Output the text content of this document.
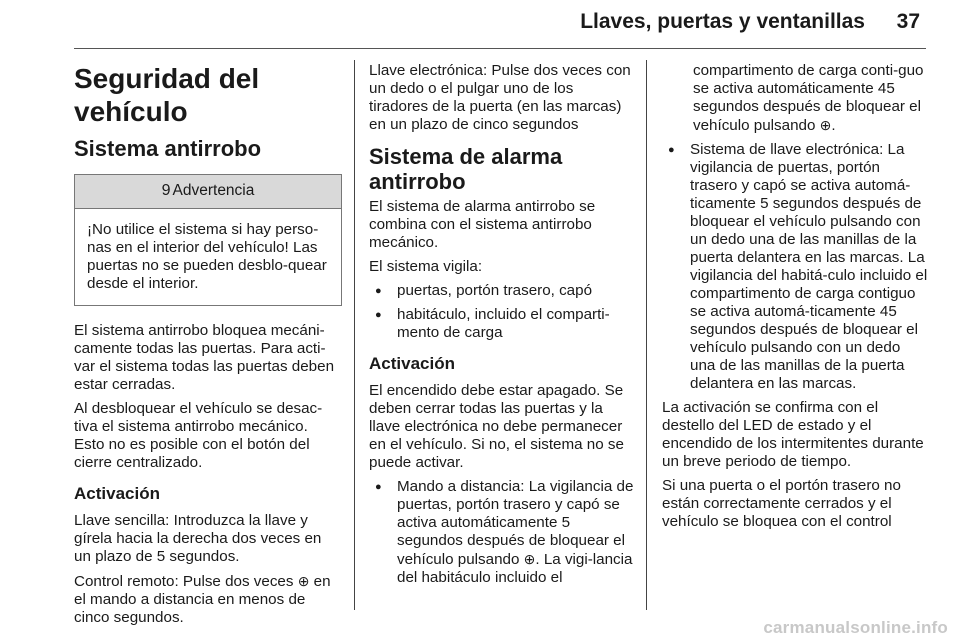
Llaves, puertas y ventanillas 37
Seguridad del vehículo
Sistema antirrobo
9 Advertencia
¡No utilice el sistema si hay perso-nas en el interior del vehículo! Las puertas no se pueden desblo-quear desde el interior.

El sistema antirrobo bloquea mecáni-camente todas las puertas. Para acti-var el sistema todas las puertas deben estar cerradas.

Al desbloquear el vehículo se desac-tiva el sistema antirrobo mecánico. Esto no es posible con el botón del cierre centralizado.

Activación

Llave sencilla: Introduzca la llave y gírela hacia la derecha dos veces en un plazo de 5 segundos.

Control remoto: Pulse dos veces ⊕ en el mando a distancia en menos de cinco segundos.

Llave electrónica: Pulse dos veces con un dedo o el pulgar uno de los tiradores de la puerta (en las marcas) en un plazo de cinco segundos

Sistema de alarma antirrobo

El sistema de alarma antirrobo se combina con el sistema antirrobo mecánico.

El sistema vigila:

● puertas, portón trasero, capó
● habitáculo, incluido el comparti-mento de carga
Activación

El encendido debe estar apagado. Se deben cerrar todas las puertas y la llave electrónica no debe permanecer en el vehículo. Si no, el sistema no se puede activar.

● Mando a distancia: La vigilancia de puertas, portón trasero y capó se activa automáticamente 5 segundos después de bloquear el vehículo pulsando ⊕. La vigi-lancia del habitáculo incluido el
compartimento de carga conti-guo se activa automáticamente 45 segundos después de bloquear el vehículo pulsando ⊕.
● Sistema de llave electrónica: La vigilancia de puertas, portón trasero y capó se activa automá-ticamente 5 segundos después de bloquear el vehículo pulsando con un dedo una de las manillas de la puerta delantera en las marcas. La vigilancia del habitá-culo incluido el compartimento de carga contiguo se activa automá-ticamente 45 segundos después de bloquear el vehículo pulsando con un dedo una de las manillas de la puerta delantera en las marcas.

La activación se confirma con el destello del LED de estado y el encendido de los intermitentes durante un breve periodo de tiempo.

Si una puerta o el portón trasero no están correctamente cerrados y el vehículo se bloquea con el control

carmanualsonline.info
